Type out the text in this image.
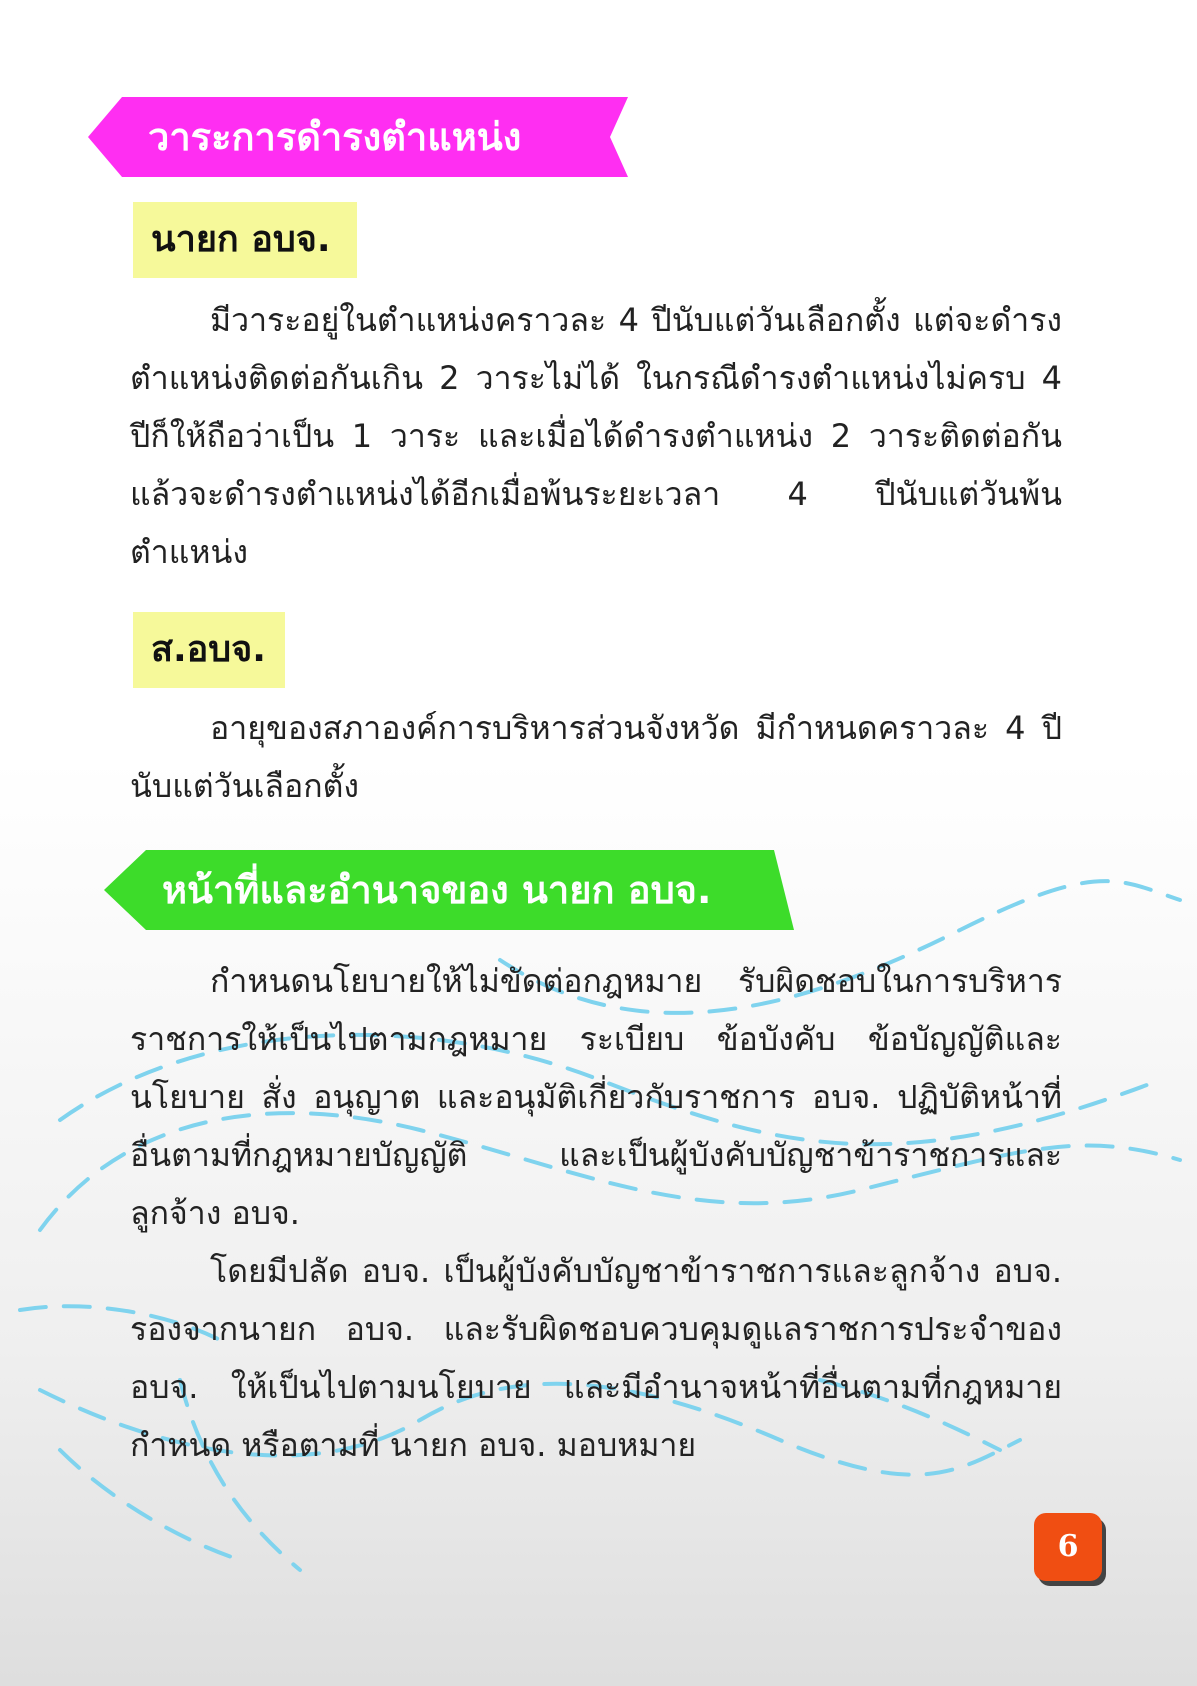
วาระการดำรงตำแหน่ง
นายก อบจ.

มีวาระอยู่ในตำแหน่งคราวละ 4 ปีนับแต่วันเลือกตั้ง แต่จะดำรงตำแหน่งติดต่อกันเกิน 2 วาระไม่ได้ ในกรณีดำรงตำแหน่งไม่ครบ 4 ปีก็ให้ถือว่าเป็น 1 วาระ และเมื่อได้ดำรงตำแหน่ง 2 วาระติดต่อกันแล้วจะดำรงตำแหน่งได้อีกเมื่อพ้นระยะเวลา 4 ปีนับแต่วันพ้นตำแหน่ง

ส.อบจ.

อายุของสภาองค์การบริหารส่วนจังหวัด มีกำหนดคราวละ 4 ปีนับแต่วันเลือกตั้ง

หน้าที่และอำนาจของ นายก อบจ.

กำหนดนโยบายให้ไม่ขัดต่อกฎหมาย รับผิดชอบในการบริหารราชการให้เป็นไปตามกฎหมาย ระเบียบ ข้อบังคับ ข้อบัญญัติและนโยบาย สั่ง อนุญาต และอนุมัติเกี่ยวกับราชการ อบจ. ปฏิบัติหน้าที่อื่นตามที่กฎหมายบัญญัติ และเป็นผู้บังคับบัญชาข้าราชการและลูกจ้าง อบจ.

โดยมีปลัด อบจ. เป็นผู้บังคับบัญชาข้าราชการและลูกจ้าง อบจ. รองจากนายก อบจ. และรับผิดชอบควบคุมดูแลราชการประจำของ อบจ. ให้เป็นไปตามนโยบาย และมีอำนาจหน้าที่อื่นตามที่กฎหมายกำหนด หรือตามที่ นายก อบจ. มอบหมาย

6
